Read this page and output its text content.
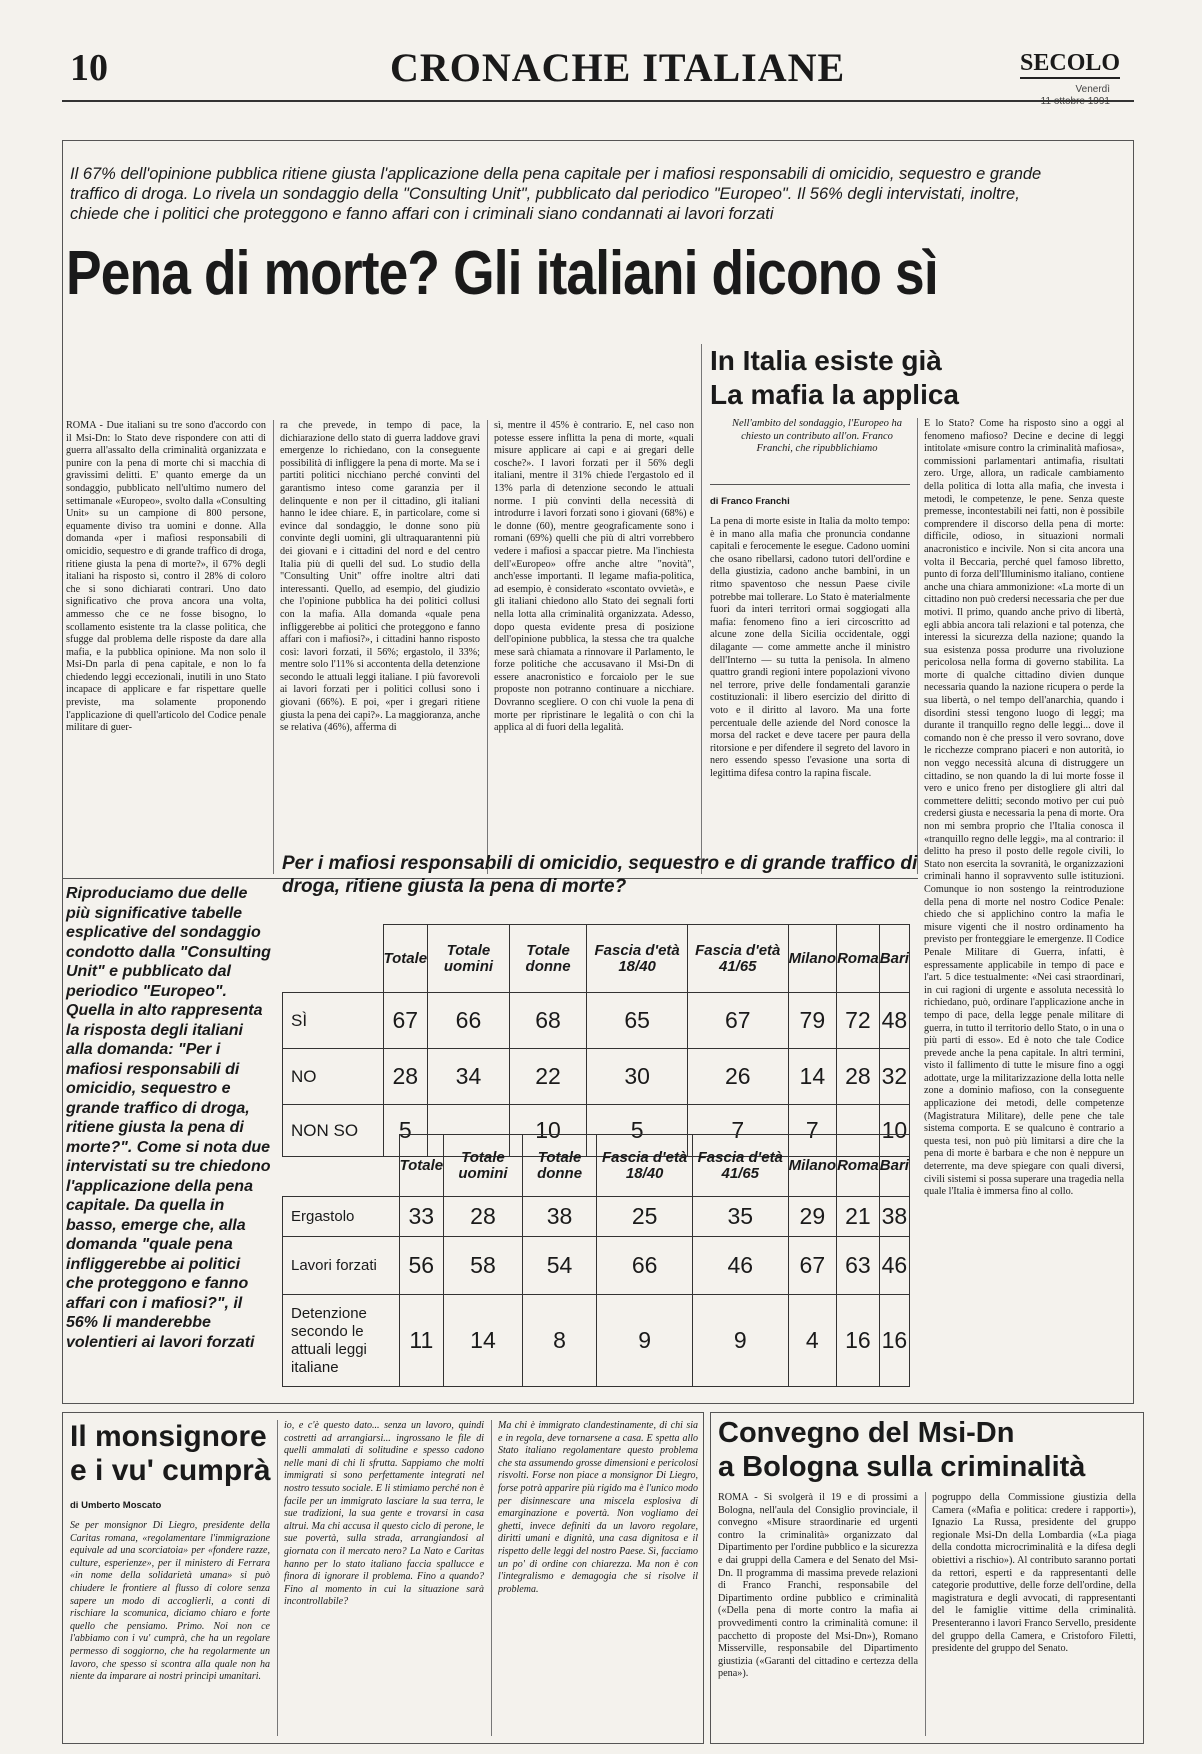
10	CRONACHE ITALIANE	SECOLO
Venerdì
Il 67% dell'opinione pubblica ritiene giusta l'applicazione della pena capitale per i mafiosi responsabili di omicidio, sequestro e grande traffico di droga. Lo rivela un sondaggio della "Consulting Unit", pubblicato dal periodico "Europeo". Il 56% degli intervistati, inoltre, chiede che i politici che proteggono e fanno affari con i criminali siano condannati ai lavori forzati
Pena di morte? Gli italiani dicono sì
ROMA - Due italiani su tre sono d'accordo con il Msi-Dn: lo Stato deve rispondere con atti di guerra all'assalto della criminalità organizzata e punire con la pena di morte chi si macchia di gravissimi delitti. E' quanto emerge da un sondaggio, pubblicato nell'ultimo numero del settimanale «Europeo», svolto dalla «Consulting Unit» su un campione di 800 persone, equamente diviso tra uomini e donne. Alla domanda «per i mafiosi responsabili di omicidio, sequestro e di grande traffico di droga, ritiene giusta la pena di morte?», il 67% degli italiani ha risposto sì, contro il 28% di coloro che si sono dichiarati contrari. Uno dato significativo che prova ancora una volta, ammesso che ce ne fosse bisogno, lo scollamento esistente tra la classe politica, che sfugge dal problema delle risposte da dare alla mafia, e la pubblica opinione. Ma non solo il Msi-Dn parla di pena capitale, e non lo fa chiedendo leggi eccezionali, inutili in uno Stato incapace di applicare e far rispettare quelle previste, ma solamente proponendo l'applicazione di quell'articolo del Codice penale militare di guer-
ra che prevede, in tempo di pace, la dichiarazione dello stato di guerra laddove gravi emergenze lo richiedano, con la conseguente possibilità di infliggere la pena di morte. Ma se i partiti politici nicchiano perché convinti del garantismo inteso come garanzia per il delinquente e non per il cittadino, gli italiani hanno le idee chiare. E, in particolare, come si evince dal sondaggio, le donne sono più convinte degli uomini, gli ultraquarantenni più dei giovani e i cittadini del nord e del centro Italia più di quelli del sud. Lo studio della "Consulting Unit" offre inoltre altri dati interessanti. Quello, ad esempio, del giudizio che l'opinione pubblica ha dei politici collusi con la mafia. Alla domanda «quale pena infliggerebbe ai politici che proteggono e fanno affari con i mafiosi?», i cittadini hanno risposto così: lavori forzati, il 56%; ergastolo, il 33%; mentre solo l'11% si accontenta della detenzione secondo le attuali leggi italiane. I più favorevoli ai lavori forzati per i politici collusi sono i giovani (66%). E poi, «per i gregari ritiene giusta la pena dei capi?». La maggioranza, anche se relativa (46%), afferma di
sì, mentre il 45% è contrario. E, nel caso non potesse essere inflitta la pena di morte, «quali misure applicare ai capi e ai gregari delle cosche?». I lavori forzati per il 56% degli italiani, mentre il 31% chiede l'ergastolo ed il 13% parla di detenzione secondo le attuali norme. I più convinti della necessità di introdurre i lavori forzati sono i giovani (68%) e le donne (60), mentre geograficamente sono i romani (69%) quelli che più di altri vorrebbero vedere i mafiosi a spaccar pietre. Ma l'inchiesta dell'«Europeo» offre anche altre "novità", anch'esse importanti. Il legame mafia-politica, ad esempio, è considerato «scontato ovvietà», e gli italiani chiedono allo Stato dei segnali forti nella lotta alla criminalità organizzata. Adesso, dopo questa evidente presa di posizione dell'opinione pubblica, la stessa che tra qualche mese sarà chiamata a rinnovare il Parlamento, le forze politiche che accusavano il Msi-Dn di essere anacronistico e forcaiolo per le sue proposte non potranno continuare a nicchiare. Dovranno scegliere. O con chi vuole la pena di morte per ripristinare le legalità o con chi la applica al di fuori della legalità.
In Italia esiste già
La mafia la applica
Nell'ambito del sondaggio, l'Europeo ha chiesto un contributo all'on. Franco Franchi, che ripubblichiamo
di Franco Franchi
La pena di morte esiste in Italia da molto tempo: è in mano alla mafia che pronuncia condanne capitali e ferocemente le esegue. Cadono uomini che osano ribellarsi, cadono tutori dell'ordine e della giustizia, cadono anche bambini, in un ritmo spaventoso che nessun Paese civile potrebbe mai tollerare. Lo Stato è materialmente fuori da interi territori ormai soggiogati alla mafia: fenomeno fino a ieri circoscritto ad alcune zone della Sicilia occidentale, oggi dilagante — come ammette anche il ministro dell'Interno — su tutta la penisola. In almeno quattro grandi regioni intere popolazioni vivono nel terrore, prive delle fondamentali garanzie costituzionali: il libero esercizio del diritto di voto e il diritto al lavoro. Ma una forte percentuale delle aziende del Nord conosce la morsa del racket e deve tacere per paura della ritorsione e per difendere il segreto del lavoro in nero essendo spesso l'evasione una sorta di legittima difesa contro la rapina fiscale.
E lo Stato? Come ha risposto sino a oggi al fenomeno mafioso? Decine e decine di leggi intitolate «misure contro la criminalità mafiosa», commissioni parlamentari antimafia, risultati zero. Urge, allora, un radicale cambiamento della politica di lotta alla mafia, che investa i metodi, le competenze, le pene. Senza queste premesse, incontestabili nei fatti, non è possibile comprendere il discorso della pena di morte: difficile, odioso, in situazioni normali anacronistico e incivile. Non si cita ancora una volta il Beccaria, perché quel famoso libretto, punto di forza dell'Illuminismo italiano, contiene anche una chiara ammonizione: «La morte di un cittadino non può credersi necessaria che per due motivi. Il primo, quando anche privo di libertà, egli abbia ancora tali relazioni e tal potenza, che interessi la sicurezza della nazione; quando la sua esistenza possa produrre una rivoluzione pericolosa nella forma di governo stabilita. La morte di qualche cittadino divien dunque necessaria quando la nazione ricupera o perde la sua libertà, o nel tempo dell'anarchia, quando i disordini stessi tengono luogo di leggi; ma durante il tranquillo regno delle leggi... dove il comando non è che presso il vero sovrano, dove le ricchezze comprano piaceri e non autorità, io non veggo necessità alcuna di distruggere un cittadino, se non quando la di lui morte fosse il vero e unico freno per distogliere gli altri dal commettere delitti; secondo motivo per cui può credersi giusta e necessaria la pena di morte. Ora non mi sembra proprio che l'Italia conosca il «tranquillo regno delle leggi», ma al contrario: il delitto ha preso il posto delle regole civili, lo Stato non esercita la sovranità, le organizzazioni criminali hanno il sopravvento sulle istituzioni. Comunque io non sostengo la reintroduzione della pena di morte nel nostro Codice Penale: chiedo che si applichino contro la mafia le misure vigenti che il nostro ordinamento ha previsto per fronteggiare le emergenze. Il Codice Penale Militare di Guerra, infatti, è espressamente applicabile in tempo di pace e l'art. 5 dice testualmente: «Nei casi straordinari, in cui ragioni di urgente e assoluta necessità lo richiedano, può, ordinare l'applicazione anche in tempo di pace, della legge penale militare di guerra, in tutto il territorio dello Stato, o in una o più parti di esso». Ed è noto che tale Codice prevede anche la pena capitale. In altri termini, visto il fallimento di tutte le misure fino a oggi adottate, urge la militarizzazione della lotta nelle zone a dominio mafioso, con la conseguente applicazione dei metodi, delle competenze (Magistratura Militare), delle pene che tale sistema comporta. E se qualcuno è contrario a questa tesi, non può più limitarsi a dire che la pena di morte è barbara e che non è neppure un deterrente, ma deve spiegare con quali diversi, civili sistemi si possa superare una tragedia nella quale l'Italia è immersa fino al collo.
Riproduciamo due delle più significative tabelle esplicative del sondaggio condotto dalla "Consulting Unit" e pubblicato dal periodico "Europeo". Quella in alto rappresenta la risposta degli italiani alla domanda: "Per i mafiosi responsabili di omicidio, sequestro e grande traffico di droga, ritiene giusta la pena di morte?". Come si nota due intervistati su tre chiedono l'applicazione della pena capitale. Da quella in basso, emerge che, alla domanda "quale pena infliggerebbe ai politici che proteggono e fanno affari con i mafiosi?", il 56% li manderebbe volentieri ai lavori forzati
Per i mafiosi responsabili di omicidio, sequestro e di grande traffico di droga, ritiene giusta la pena di morte?
	Totale	Totale uomini	Totale donne	Fascia d'età 18/40	Fascia d'età 41/65	Milano	Roma	Bari
SÌ	67	66	68	65	67	79	72	48
NO	28	34	22	30	26	14	28	32
NON SO	5		10	5	7	7		10
	Totale	Totale uomini	Totale donne	Fascia d'età 18/40	Fascia d'età 41/65	Milano	Roma	Bari
Ergastolo	33	28	38	25	35	29	21	38
Lavori forzati	56	58	54	66	46	67	63	46
Detenzione secondo le attuali leggi italiane	11	14	8	9	9	4	16	16
Il monsignore
e i vu' cumprà
di Umberto Moscato
Se per monsignor Di Liegro, presidente della Caritas romana, «regolamentare l'immigrazione equivale ad una scorciatoia» per «fondere razze, culture, esperienze», per il ministero di Ferrara «in nome della solidarietà umana» si può chiudere le frontiere al flusso di colore senza sapere un modo di accoglierli, a conti di rischiare la scomunica, diciamo chiaro e forte quello che pensiamo. Primo. Noi non ce l'abbiamo con i vu' cumprà, che ha un regolare permesso di soggiorno, che ha regolarmente un lavoro, che spesso si scontra alla quale non ha niente da imparare ai nostri principi umanitari.
io, e c'è questo dato... senza un lavoro, quindi costretti ad arrangiarsi... ingrossano le file di quelli ammalati di solitudine e spesso cadono nelle mani di chi li sfrutta. Sappiamo che molti immigrati si sono perfettamente integrati nel nostro tessuto sociale. E li stimiamo perché non è facile per un immigrato lasciare la sua terra, le sue tradizioni, la sua gente e trovarsi in casa altrui. Ma chi accusa il questo ciclo di perone, le sue povertà, sulla strada, arrangiandosi al giornata con il mercato nero? La Nato e Caritas hanno per lo stato italiano faccia spallucce e finora di ignorare il problema. Fino a quando? Fino al momento in cui la situazione sarà incontrollabile?
Ma chi è immigrato clandestinamente, di chi sia e in regola, deve tornarsene a casa. E spetta allo Stato italiano regolamentare questo problema che sta assumendo grosse dimensioni e pericolosi risvolti. Forse non piace a monsignor Di Liegro, forse potrà apparire più rigido ma è l'unico modo per disinnescare una miscela esplosiva di emarginazione e povertà. Non vogliamo dei ghetti, invece definiti da un lavoro regolare, diritti umani e dignità, una casa dignitosa e il rispetto delle leggi del nostro Paese. Sì, facciamo un po' di ordine con chiarezza. Ma non è con l'integralismo e demagogia che si risolve il problema.
Convegno del Msi-Dn
a Bologna sulla criminalità
ROMA - Si svolgerà il 19 e di prossimi a Bologna, nell'aula del Consiglio provinciale, il convegno «Misure straordinarie ed urgenti contro la criminalità» organizzato dal Dipartimento per l'ordine pubblico e la sicurezza e dai gruppi della Camera e del Senato del Msi-Dn. Il programma di massima prevede relazioni di Franco Franchi, responsabile del Dipartimento ordine pubblico e criminalità («Della pena di morte contro la mafia ai provvedimenti contro la criminalità comune: il pacchetto di proposte del Msi-Dn»), Romano Misserville, responsabile del Dipartimento giustizia («Garanti del cittadino e certezza della pena»).
pogruppo della Commissione giustizia della Camera («Mafia e politica: credere i rapporti»), Ignazio La Russa, presidente del gruppo regionale Msi-Dn della Lombardia («La piaga della condotta microcriminalità e la difesa degli obiettivi a rischio»). Al contributo saranno portati da rettori, esperti e da rappresentanti delle categorie produttive, delle forze dell'ordine, della magistratura e degli avvocati, di rappresentanti del le famiglie vittime della criminalità. Presenteranno i lavori Franco Servello, presidente del gruppo della Camera, e Cristoforo Filetti, presidente del gruppo del Senato.
